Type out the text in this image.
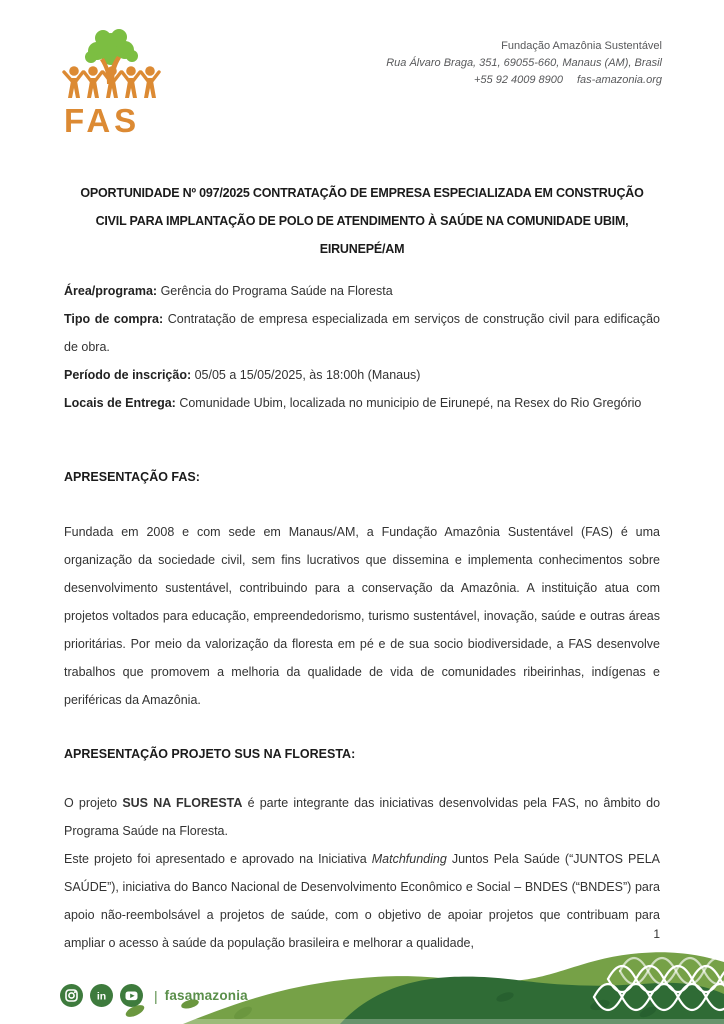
FAS
Fundação Amazônia Sustentável
Rua Álvaro Braga, 351, 69055-660, Manaus (AM), Brasil
+55 92 4009 8900 fas-amazonia.org
OPORTUNIDADE Nº 097/2025 CONTRATAÇÃO DE EMPRESA ESPECIALIZADA EM CONSTRUÇÃO CIVIL PARA IMPLANTAÇÃO DE POLO DE ATENDIMENTO À SAÚDE NA COMUNIDADE UBIM, EIRUNEPÉ/AM

Área/programa: Gerência do Programa Saúde na Floresta

Tipo de compra: Contratação de empresa especializada em serviços de construção civil para edificação de obra.

Período de inscrição: 05/05 a 15/05/2025, às 18:00h (Manaus)

Locais de Entrega: Comunidade Ubim, localizada no municipio de Eirunepé, na Resex do Rio Gregório

APRESENTAÇÃO FAS:

Fundada em 2008 e com sede em Manaus/AM, a Fundação Amazônia Sustentável (FAS) é uma organização da sociedade civil, sem fins lucrativos que dissemina e implementa conhecimentos sobre desenvolvimento sustentável, contribuindo para a conservação da Amazônia. A instituição atua com projetos voltados para educação, empreendedorismo, turismo sustentável, inovação, saúde e outras áreas prioritárias. Por meio da valorização da floresta em pé e de sua socio biodiversidade, a FAS desenvolve trabalhos que promovem a melhoria da qualidade de vida de comunidades ribeirinhas, indígenas e periféricas da Amazônia.

APRESENTAÇÃO PROJETO SUS NA FLORESTA:

O projeto SUS NA FLORESTA é parte integrante das iniciativas desenvolvidas pela FAS, no âmbito do Programa Saúde na Floresta.

Este projeto foi apresentado e aprovado na Iniciativa Matchfunding Juntos Pela Saúde (“JUNTOS PELA SAÚDE”), iniciativa do Banco Nacional de Desenvolvimento Econômico e Social – BNDES (“BNDES”) para apoio não-reembolsável a projetos de saúde, com o objetivo de apoiar projetos que contribuam para ampliar o acesso à saúde da população brasileira e melhorar a qualidade,

1
in	| fasamazonia
